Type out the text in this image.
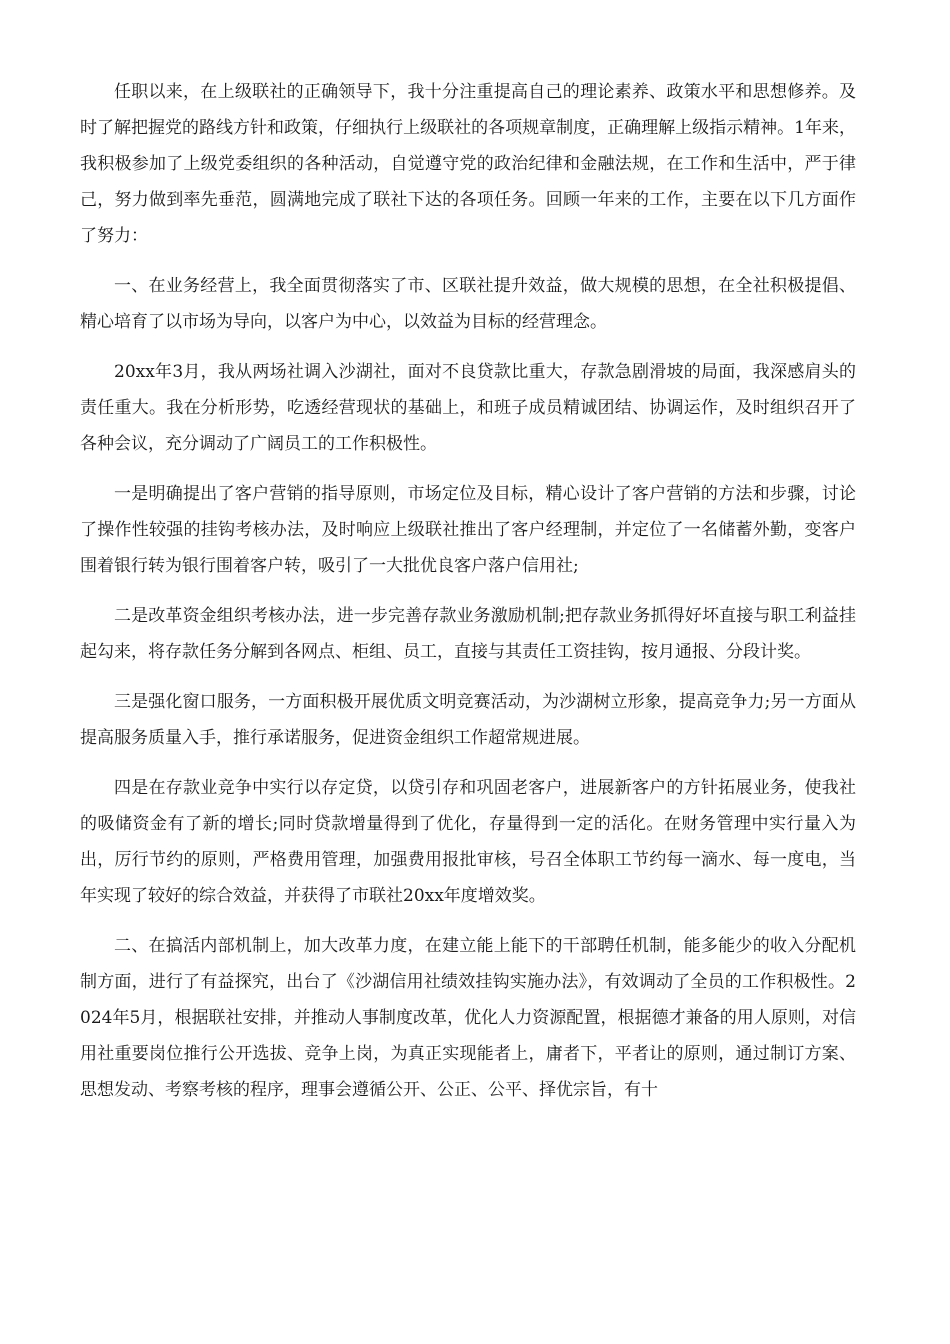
任职以来，在上级联社的正确领导下，我十分注重提高自己的理论素养、政策水平和思想修养。及时了解把握党的路线方针和政策，仔细执行上级联社的各项规章制度，正确理解上级指示精神。1年来，我积极参加了上级党委组织的各种活动，自觉遵守党的政治纪律和金融法规，在工作和生活中，严于律己，努力做到率先垂范，圆满地完成了联社下达的各项任务。回顾一年来的工作，主要在以下几方面作了努力：

一、在业务经营上，我全面贯彻落实了市、区联社提升效益，做大规模的思想，在全社积极提倡、精心培育了以市场为导向，以客户为中心，以效益为目标的经营理念。

20xx年3月，我从两场社调入沙湖社，面对不良贷款比重大，存款急剧滑坡的局面，我深感肩头的责任重大。我在分析形势，吃透经营现状的基础上，和班子成员精诚团结、协调运作，及时组织召开了各种会议，充分调动了广阔员工的工作积极性。

一是明确提出了客户营销的指导原则，市场定位及目标，精心设计了客户营销的方法和步骤，讨论了操作性较强的挂钩考核办法，及时响应上级联社推出了客户经理制，并定位了一名储蓄外勤，变客户围着银行转为银行围着客户转，吸引了一大批优良客户落户信用社;

二是改革资金组织考核办法，进一步完善存款业务激励机制;把存款业务抓得好坏直接与职工利益挂起勾来，将存款任务分解到各网点、柜组、员工，直接与其责任工资挂钩，按月通报、分段计奖。

三是强化窗口服务，一方面积极开展优质文明竞赛活动，为沙湖树立形象，提高竞争力;另一方面从提高服务质量入手，推行承诺服务，促进资金组织工作超常规进展。

四是在存款业竞争中实行以存定贷，以贷引存和巩固老客户，进展新客户的方针拓展业务，使我社的吸储资金有了新的增长;同时贷款增量得到了优化，存量得到一定的活化。在财务管理中实行量入为出，厉行节约的原则，严格费用管理，加强费用报批审核，号召全体职工节约每一滴水、每一度电，当年实现了较好的综合效益，并获得了市联社20xx年度增效奖。

二、在搞活内部机制上，加大改革力度，在建立能上能下的干部聘任机制，能多能少的收入分配机制方面，进行了有益探究，出台了《沙湖信用社绩效挂钩实施办法》，有效调动了全员的工作积极性。2024年5月，根据联社安排，并推动人事制度改革，优化人力资源配置，根据德才兼备的用人原则，对信用社重要岗位推行公开选拔、竞争上岗，为真正实现能者上，庸者下，平者让的原则，通过制订方案、思想发动、考察考核的程序，理事会遵循公开、公正、公平、择优宗旨，有十
